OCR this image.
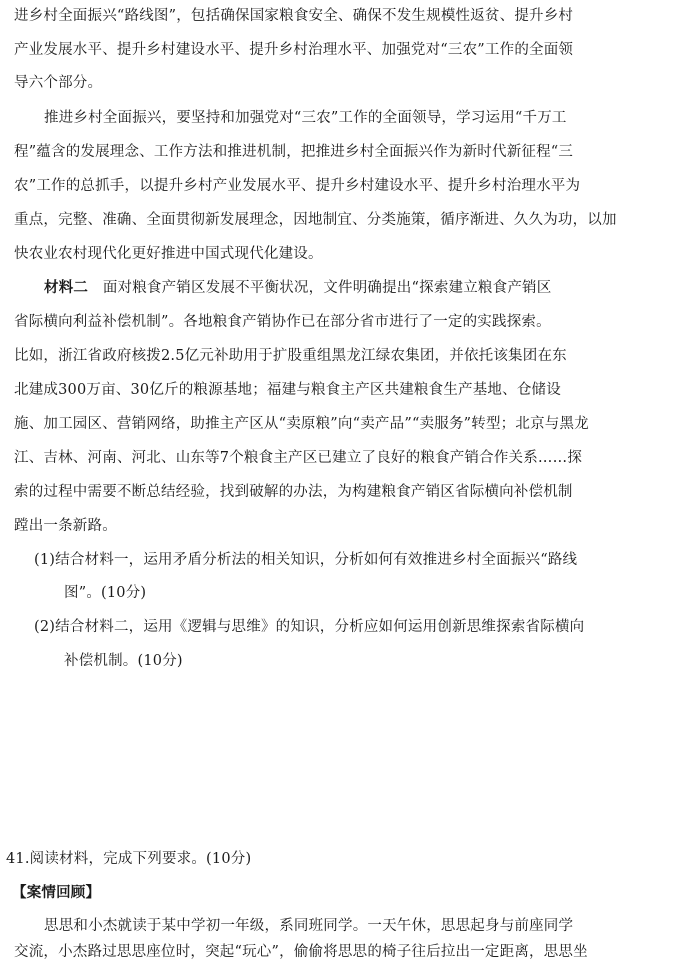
进乡村全面振兴“路线图”，包括确保国家粮食安全、确保不发生规模性返贫、提升乡村
产业发展水平、提升乡村建设水平、提升乡村治理水平、加强党对“三农”工作的全面领
导六个部分。
推进乡村全面振兴，要坚持和加强党对“三农”工作的全面领导，学习运用“千万工
程”蕴含的发展理念、工作方法和推进机制，把推进乡村全面振兴作为新时代新征程“三
农”工作的总抓手，以提升乡村产业发展水平、提升乡村建设水平、提升乡村治理水平为
重点，完整、准确、全面贯彻新发展理念，因地制宜、分类施策，循序渐进、久久为功，以加
快农业农村现代化更好推进中国式现代化建设。
材料二　 面对粮食产销区发展不平衡状况，文件明确提出“探索建立粮食产销区
省际横向利益补偿机制”。各地粮食产销协作已在部分省市进行了一定的实践探索。
比如，浙江省政府核拨2.5亿元补助用于扩股重组黑龙江绿农集团，并依托该集团在东
北建成300万亩、30亿斤的粮源基地；福建与粮食主产区共建粮食生产基地、仓储设
施、加工园区、营销网络，助推主产区从“卖原粮”向“卖产品”“卖服务”转型；北京与黑龙
江、吉林、河南、河北、山东等7个粮食主产区已建立了良好的粮食产销合作关系……探
索的过程中需要不断总结经验，找到破解的办法，为构建粮食产销区省际横向补偿机制
蹚出一条新路。
(1)结合材料一，运用矛盾分析法的相关知识，分析如何有效推进乡村全面振兴“路线
图”。(10分)
(2)结合材料二，运用《逻辑与思维》的知识，分析应如何运用创新思维探索省际横向
补偿机制。(10分)
41.阅读材料，完成下列要求。(10分)
【案情回顾】
思思和小杰就读于某中学初一年级，系同班同学。一天午休，思思起身与前座同学
交流，小杰路过思思座位时，突起“玩心”，偷偷将思思的椅子往后拉出一定距离，思思坐
